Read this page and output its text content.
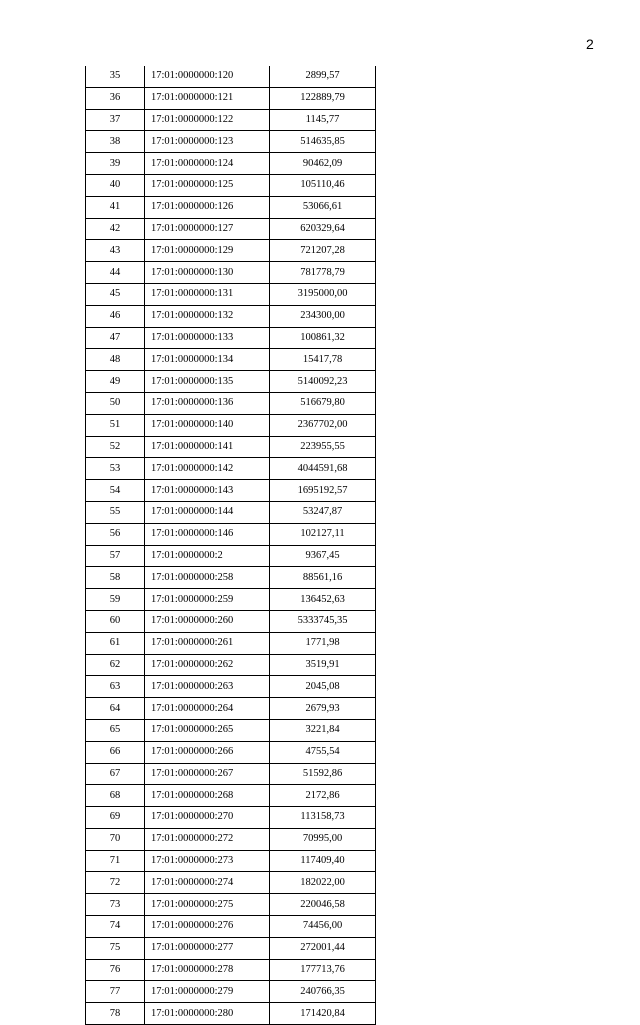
2
35	17:01:0000000:120	2899,57
36	17:01:0000000:121	122889,79
37	17:01:0000000:122	1145,77
38	17:01:0000000:123	514635,85
39	17:01:0000000:124	90462,09
40	17:01:0000000:125	105110,46
41	17:01:0000000:126	53066,61
42	17:01:0000000:127	620329,64
43	17:01:0000000:129	721207,28
44	17:01:0000000:130	781778,79
45	17:01:0000000:131	3195000,00
46	17:01:0000000:132	234300,00
47	17:01:0000000:133	100861,32
48	17:01:0000000:134	15417,78
49	17:01:0000000:135	5140092,23
50	17:01:0000000:136	516679,80
51	17:01:0000000:140	2367702,00
52	17:01:0000000:141	223955,55
53	17:01:0000000:142	4044591,68
54	17:01:0000000:143	1695192,57
55	17:01:0000000:144	53247,87
56	17:01:0000000:146	102127,11
57	17:01:0000000:2	9367,45
58	17:01:0000000:258	88561,16
59	17:01:0000000:259	136452,63
60	17:01:0000000:260	5333745,35
61	17:01:0000000:261	1771,98
62	17:01:0000000:262	3519,91
63	17:01:0000000:263	2045,08
64	17:01:0000000:264	2679,93
65	17:01:0000000:265	3221,84
66	17:01:0000000:266	4755,54
67	17:01:0000000:267	51592,86
68	17:01:0000000:268	2172,86
69	17:01:0000000:270	113158,73
70	17:01:0000000:272	70995,00
71	17:01:0000000:273	117409,40
72	17:01:0000000:274	182022,00
73	17:01:0000000:275	220046,58
74	17:01:0000000:276	74456,00
75	17:01:0000000:277	272001,44
76	17:01:0000000:278	177713,76
77	17:01:0000000:279	240766,35
78	17:01:0000000:280	171420,84
